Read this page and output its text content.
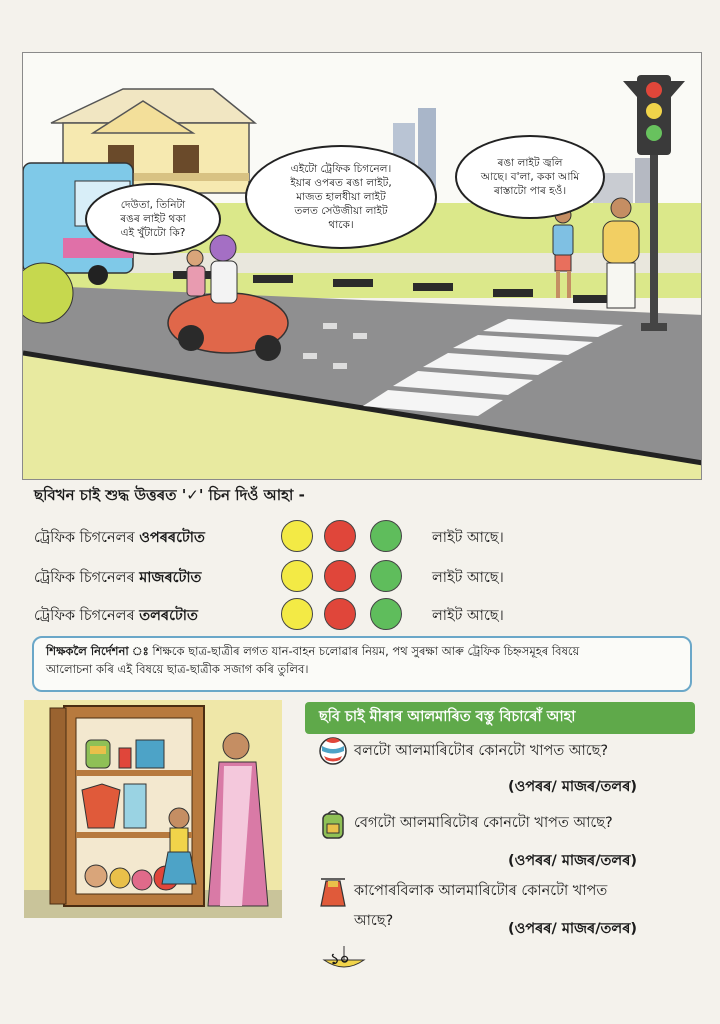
দেউতা, তিনিটা
ৰঙৰ লাইট থকা
এই খুঁটাটো কি?
এইটো ট্ৰেফিক চিগনেল।
ইয়াৰ ওপৰত ৰঙা লাইট,
মাজত হালধীয়া লাইট
তলত সেউজীয়া লাইট
থাকে।
ৰঙা লাইট জ্বলি
আছে। ব'লা, ককা আমি
ৰাস্তাটো পাৰ হওঁ।
ছবিখন চাই শুদ্ধ উত্তৰত '✓' চিন দিওঁ আহা -
ট্ৰেফিক চিগনেলৰ ওপৰৰটোত	লাইট আছে।
ট্ৰেফিক চিগনেলৰ মাজৰটোত	লাইট আছে।
ট্ৰেফিক চিগনেলৰ তলৰটোত	লাইট আছে।
শিক্ষকলৈ নিৰ্দেশনা ঃ শিক্ষকে ছাত্ৰ-ছাত্ৰীৰ লগত যান-বাহন চলোৱাৰ নিয়ম, পথ সুৰক্ষা আৰু ট্ৰেফিক চিহ্নসমূহৰ বিষয়ে
আলোচনা কৰি এই বিষয়ে ছাত্ৰ-ছাত্ৰীক সজাগ কৰি তুলিব।
ছবি চাই মীৰাৰ আলমাৰিত বস্তু বিচাৰোঁ আহা
বলটো আলমাৰিটোৰ কোনটো খাপত আছে?
(ওপৰৰ/ মাজৰ/তলৰ)
বেগটো আলমাৰিটোৰ কোনটো খাপত আছে?
(ওপৰৰ/ মাজৰ/তলৰ)
কাপোৰবিলাক আলমাৰিটোৰ কোনটো খাপত
আছে?	(ওপৰৰ/ মাজৰ/তলৰ)
১০
